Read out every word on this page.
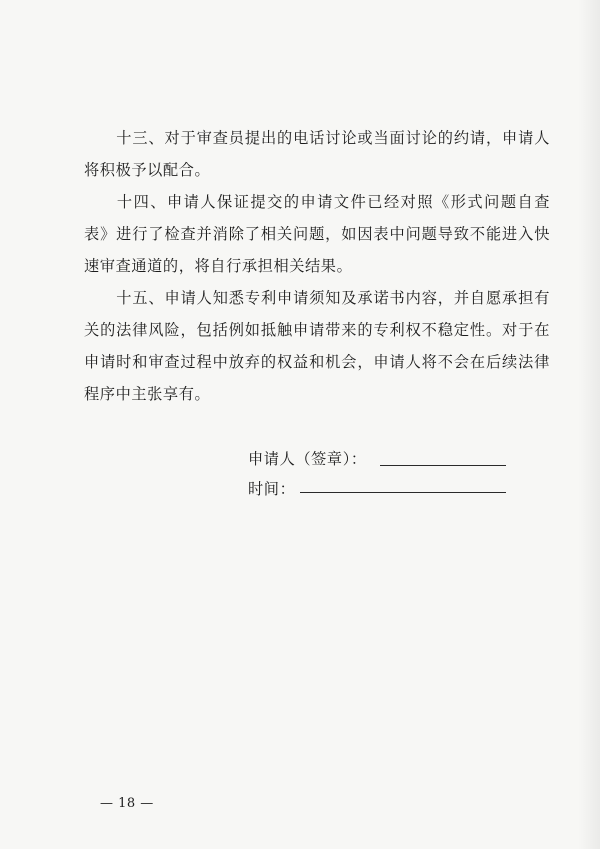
十三、对于审查员提出的电话讨论或当面讨论的约请，申请人将积极予以配合。

十四、申请人保证提交的申请文件已经对照《形式问题自查表》进行了检查并消除了相关问题，如因表中问题导致不能进入快速审查通道的，将自行承担相关结果。

十五、申请人知悉专利申请须知及承诺书内容，并自愿承担有关的法律风险，包括例如抵触申请带来的专利权不稳定性。对于在申请时和审查过程中放弃的权益和机会，申请人将不会在后续法律程序中主张享有。

申请人（签章）：
时间：
— 18 —
